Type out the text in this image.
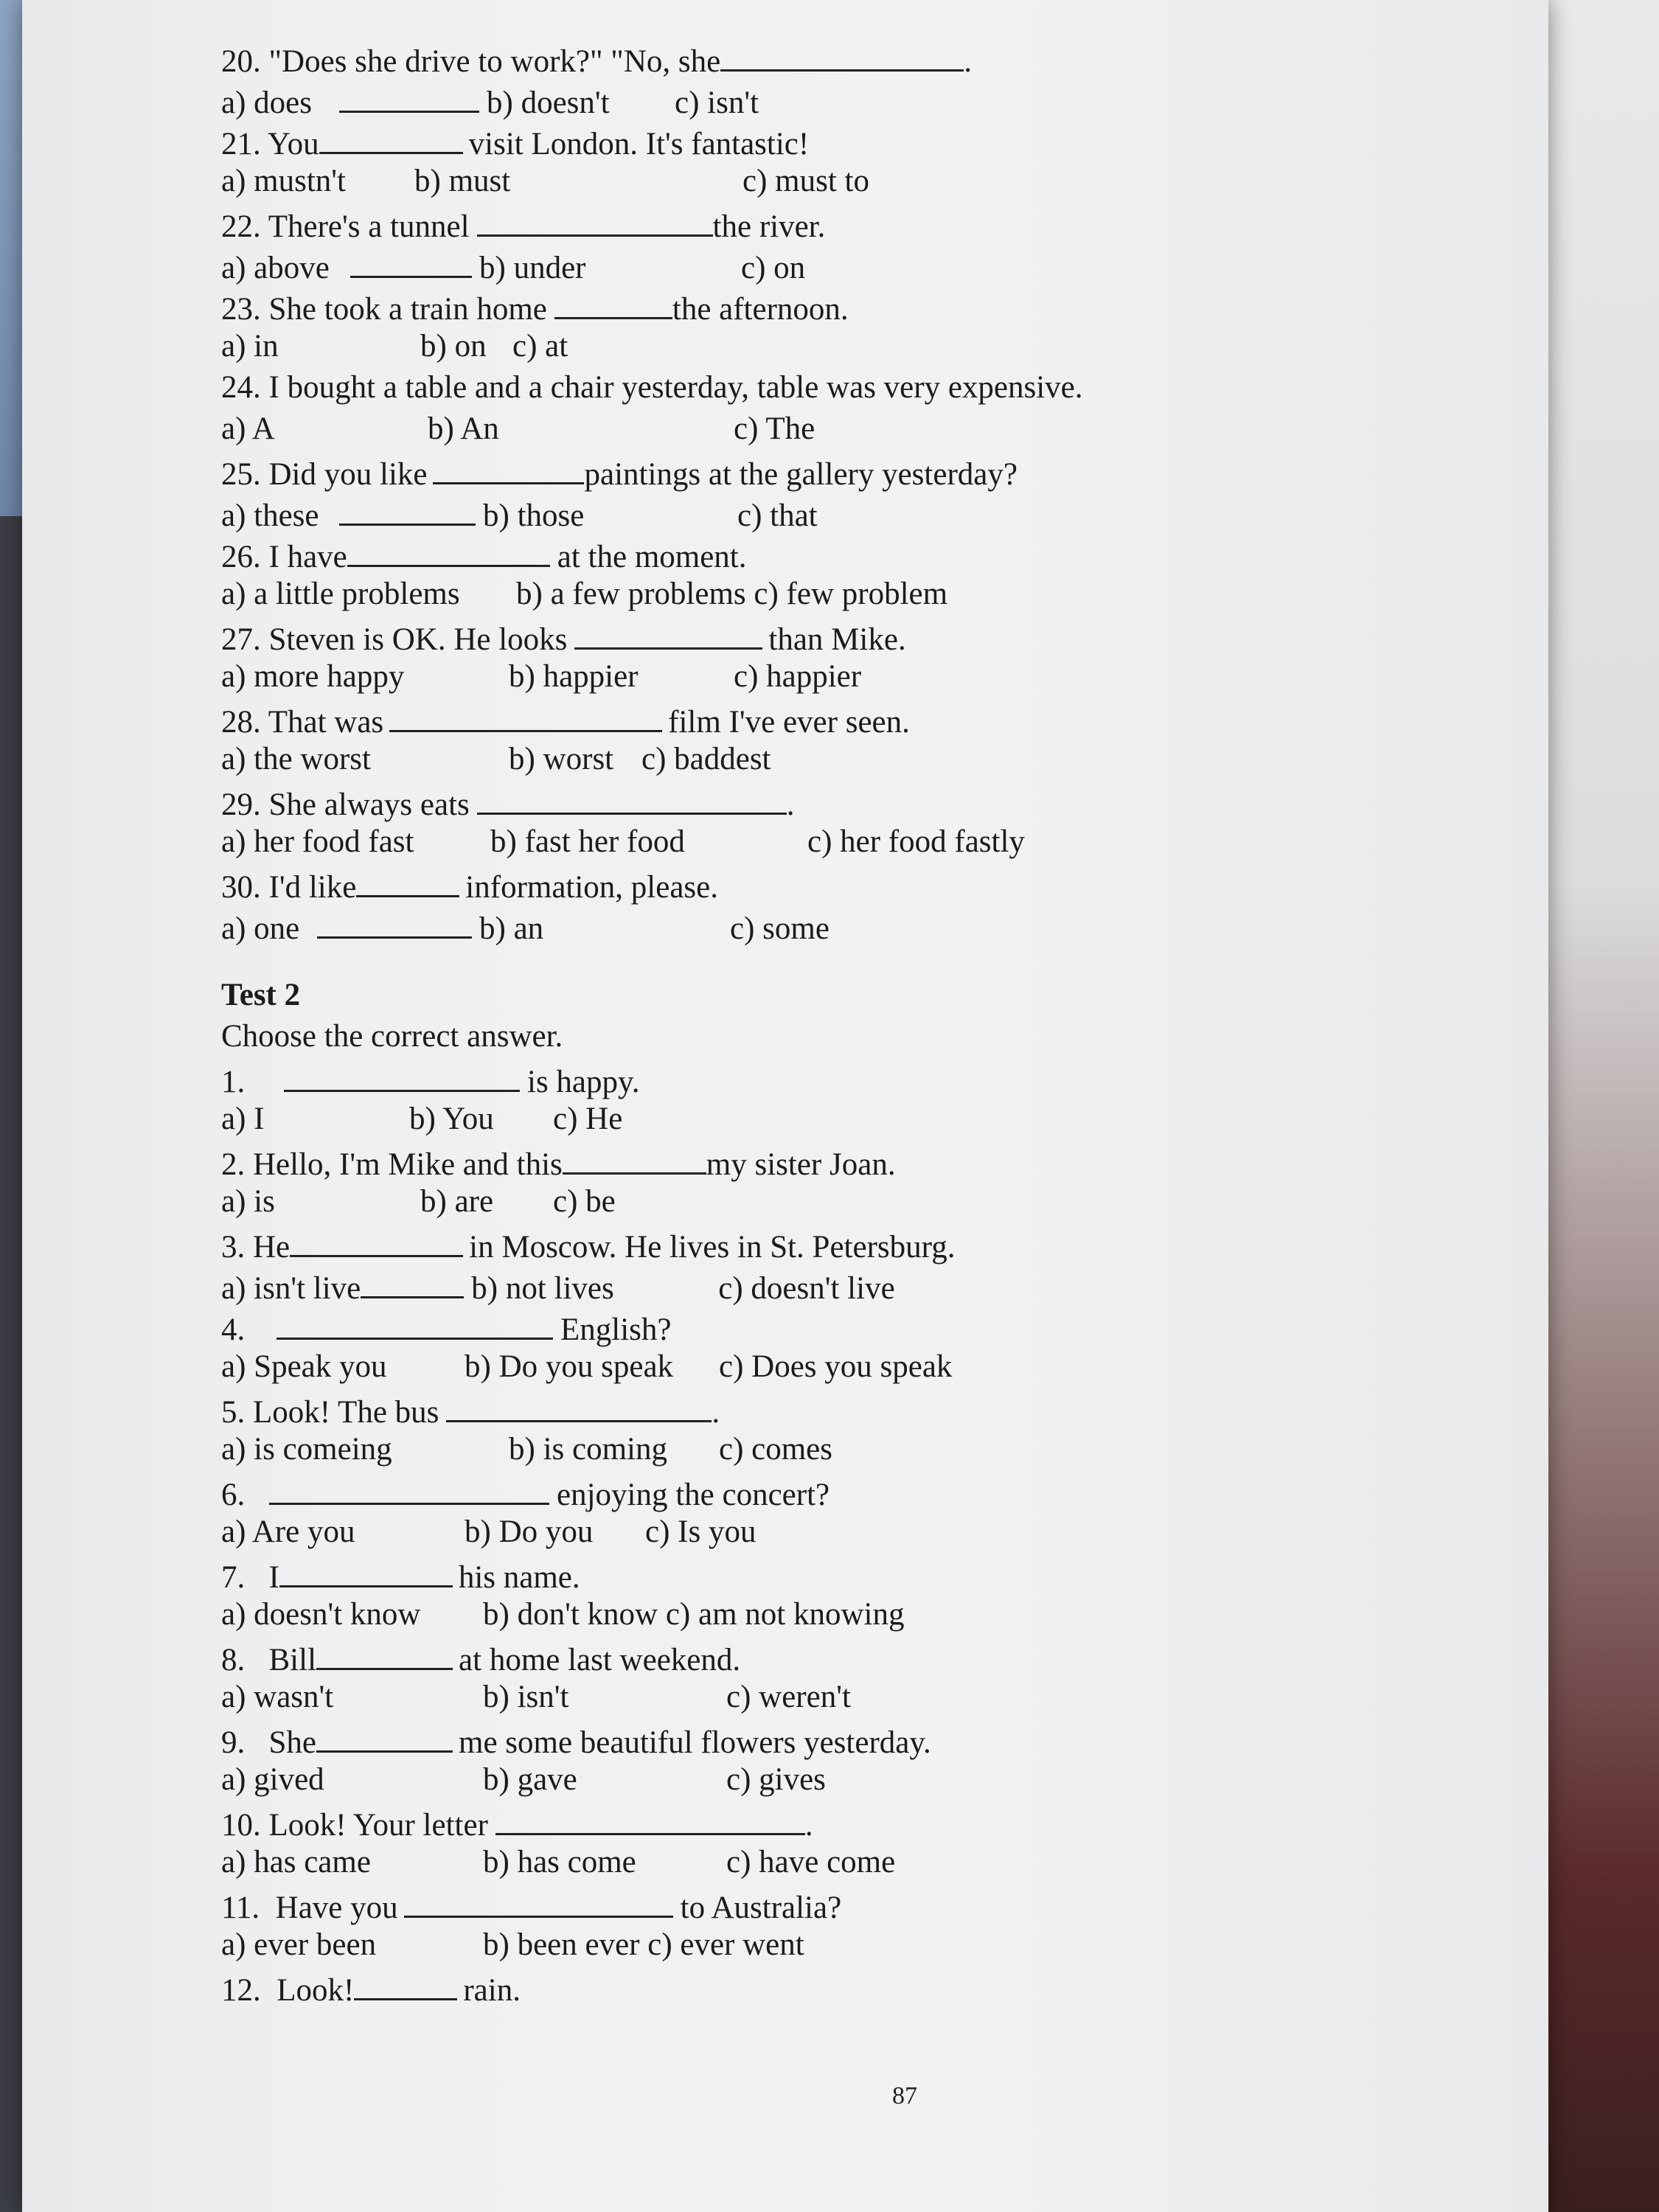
20. "Does she drive to work?" "No, she	.
a) does	b) doesn't c) isn't
21. You	visit London. It's fantastic!
a) mustn't b) must	c) must to
22. There's a tunnel	the river.
a) above	b) under	c) on
23. She took a train home	the afternoon.
a) in	b) on c) at
24. I bought a table and a chair yesterday, table was very expensive.
a) A	b) An	c) The
25. Did you like	paintings at the gallery yesterday?
a) these	b) those	c) that
26. I have	at the moment.
a) a little problems b) a few problems c) few problem
27. Steven is OK. He looks	than Mike.
a) more happy	b) happier	c) happier
28. That was	film I've ever seen.
a) the worst	b) worst c) baddest
29. She always eats	.
a) her food fast b) fast her food	c) her food fastly
30. I'd like	information, please.
a) one	b) an	c) some
Test 2
Choose the correct answer.
1.	is happy.
a) I	b) You c) He
2. Hello, I'm Mike and this	my sister Joan.
a) is	b) are c) be
3. He	in Moscow. He lives in St. Petersburg.
a) isn't live	b) not lives	c) doesn't live
4.	English?
a) Speak you b) Do you speak c) Does you speak
5. Look! The bus	.
a) is comeing	b) is coming c) comes
6.	enjoying the concert?
a) Are you	b) Do you c) Is you
7.   I	his name.
a) doesn't know b) don't know c) am not knowing
8.   Bill	at home last weekend.
a) wasn't	b) isn't	c) weren't
9.   She	me some beautiful flowers yesterday.
a) gived	b) gave	c) gives
10. Look! Your letter	.
a) has came	b) has come	c) have come
11.  Have you	to Australia?
a) ever been	b) been ever c) ever went
12.  Look!	rain.
87
